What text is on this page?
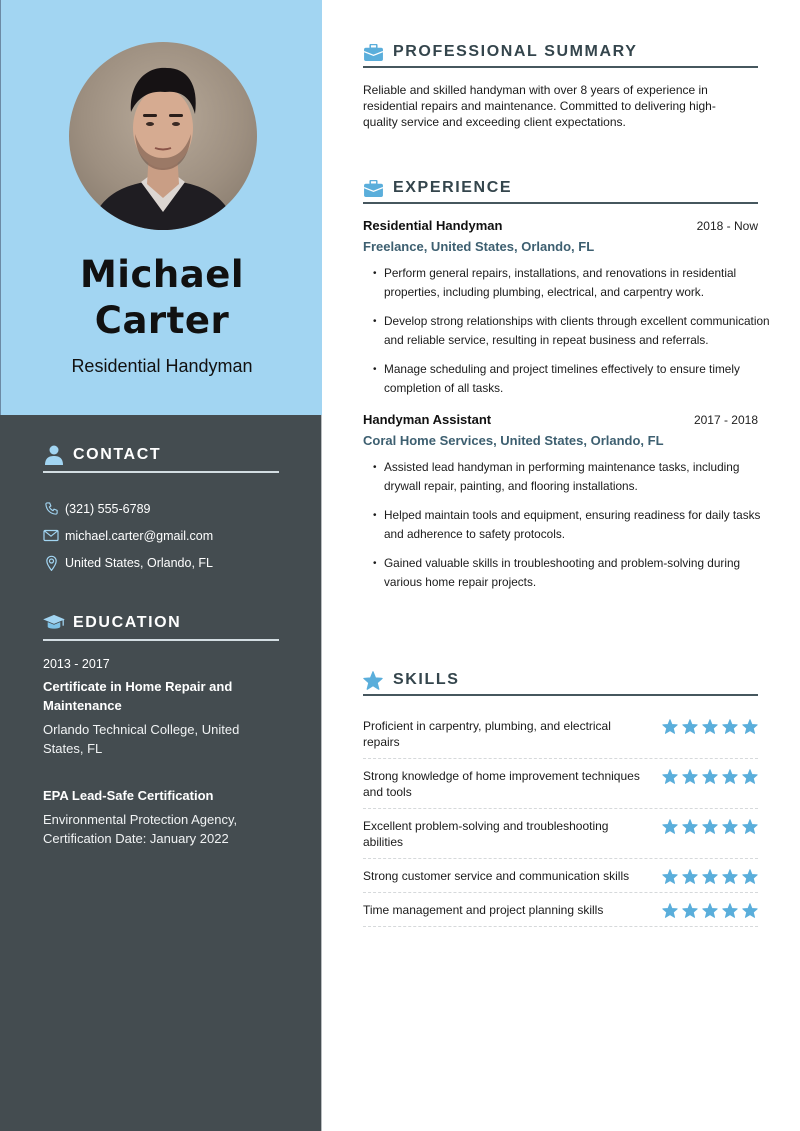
Michael
Carter
Residential Handyman
CONTACT
(321) 555-6789
michael.carter@gmail.com
United States, Orlando, FL
EDUCATION
2013 - 2017
Certificate in Home Repair and Maintenance
Orlando Technical College, United States, FL
EPA Lead-Safe Certification
Environmental Protection Agency, Certification Date: January 2022
PROFESSIONAL SUMMARY

Reliable and skilled handyman with over 8 years of experience in residential repairs and maintenance. Committed to delivering high-quality service and exceeding client expectations.

EXPERIENCE
Residential Handyman	2018 - Now
Freelance, United States, Orlando, FL
• Perform general repairs, installations, and renovations in residential properties, including plumbing, electrical, and carpentry work.
• Develop strong relationships with clients through excellent communication and reliable service, resulting in repeat business and referrals.
• Manage scheduling and project timelines effectively to ensure timely completion of all tasks.
Handyman Assistant	2017 - 2018
Coral Home Services, United States, Orlando, FL
• Assisted lead handyman in performing maintenance tasks, including drywall repair, painting, and flooring installations.
• Helped maintain tools and equipment, ensuring readiness for daily tasks and adherence to safety protocols.
• Gained valuable skills in troubleshooting and problem-solving during various home repair projects.
SKILLS
Proficient in carpentry, plumbing, and electrical repairs
Strong knowledge of home improvement techniques and tools
Excellent problem-solving and troubleshooting abilities
Strong customer service and communication skills
Time management and project planning skills
